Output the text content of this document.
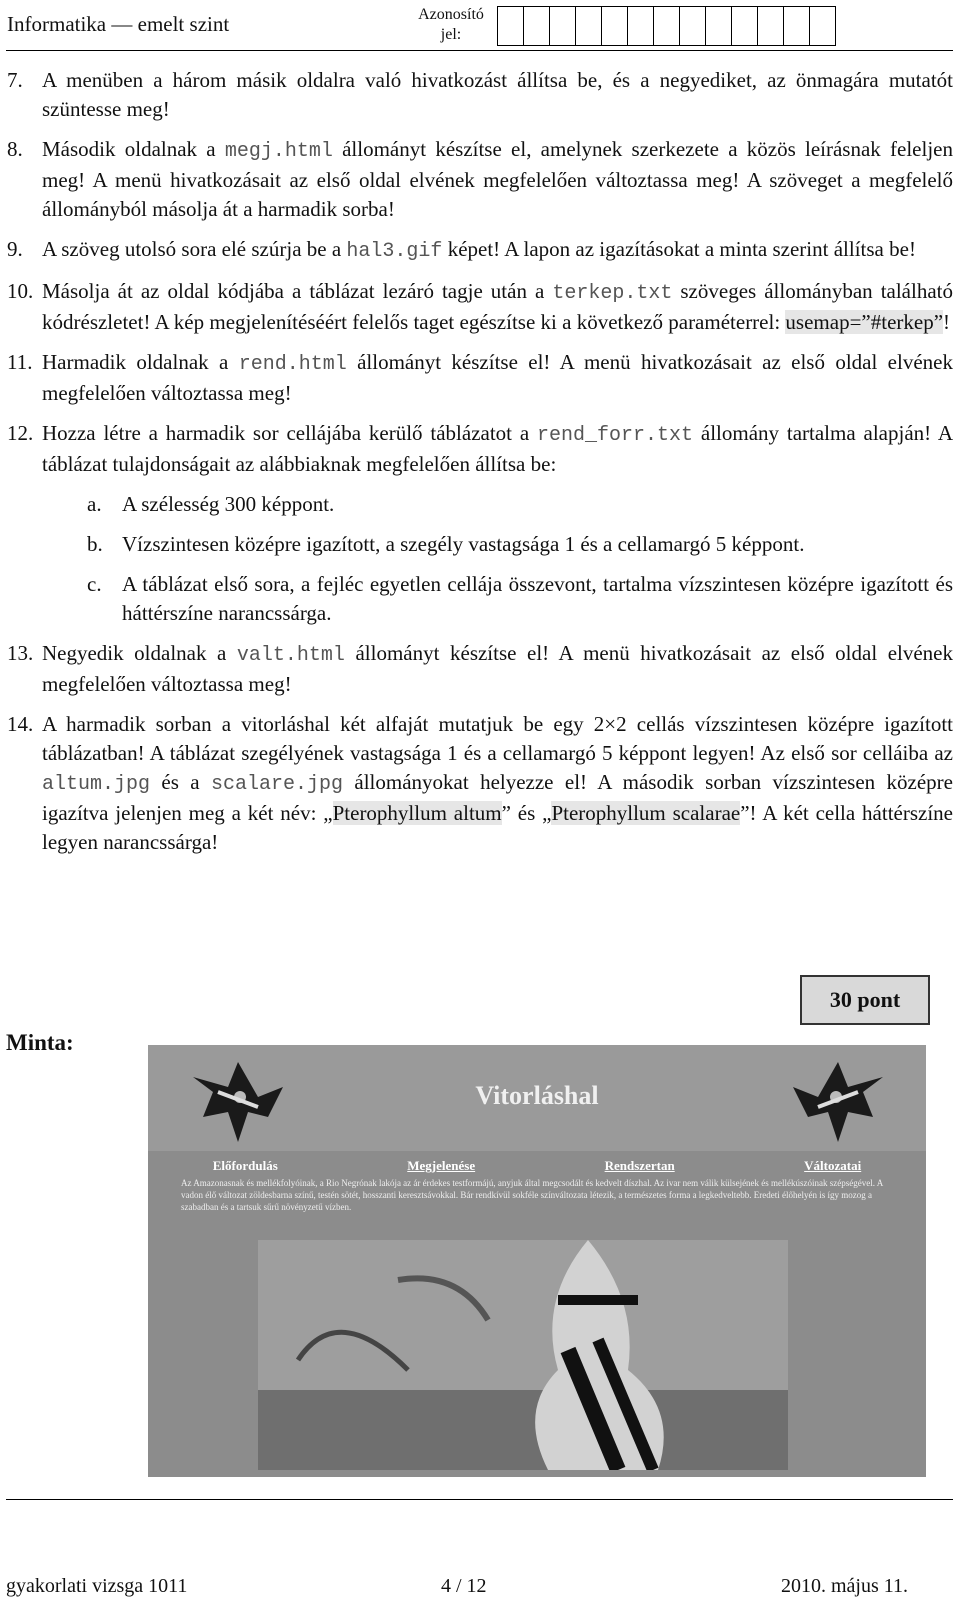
Informatika — emelt szint	Azonosító
jel:
7. A menüben a három másik oldalra való hivatkozást állítsa be, és a negyediket, az önmagára mutatót szüntesse meg!
8. Második oldalnak a megj.html állományt készítse el, amelynek szerkezete a közös leírásnak feleljen meg! A menü hivatkozásait az első oldal elvének megfelelően változtassa meg! A szöveget a megfelelő állományból másolja át a harmadik sorba!
9. A szöveg utolsó sora elé szúrja be a hal3.gif képet! A lapon az igazításokat a minta szerint állítsa be!
10. Másolja át az oldal kódjába a táblázat lezáró tagje után a terkep.txt szöveges állományban található kódrészletet! A kép megjelenítéséért felelős taget egészítse ki a következő paraméterrel: usemap=”#terkep”!
11. Harmadik oldalnak a rend.html állományt készítse el! A menü hivatkozásait az első oldal elvének megfelelően változtassa meg!
12. Hozza létre a harmadik sor cellájába kerülő táblázatot a rend_forr.txt állomány tartalma alapján! A táblázat tulajdonságait az alábbiaknak megfelelően állítsa be:
a. A szélesség 300 képpont.
b. Vízszintesen középre igazított, a szegély vastagsága 1 és a cellamargó 5 képpont.
c. A táblázat első sora, a fejléc egyetlen cellája összevont, tartalma vízszintesen középre igazított és háttérszíne narancssárga.
13. Negyedik oldalnak a valt.html állományt készítse el! A menü hivatkozásait az első oldal elvének megfelelően változtassa meg!
14. A harmadik sorban a vitorláshal két alfaját mutatjuk be egy 2×2 cellás vízszintesen középre igazított táblázatban! A táblázat szegélyének vastagsága 1 és a cellamargó 5 képpont legyen! Az első sor celláiba az altum.jpg és a scalare.jpg állományokat helyezze el! A második sorban vízszintesen középre igazítva jelenjen meg a két név: „Pterophyllum altum” és „Pterophyllum scalarae”! A két cella háttérszíne legyen narancssárga!
30 pont
Minta:
Vitorláshal
Előfordulás	Megjelenése	Rendszertan	Változatai
Az Amazonasnak és mellékfolyóinak, a Rio Negrónak lakója az ár érdekes testformájú, anyjuk által megcsodált és kedvelt díszhal. Az ivar nem válik külsejének és mellékúszóinak szépségével. A vadon élő változat zöldesbarna színű, testén sötét, hosszanti keresztsávokkal. Bár rendkívül sokféle színváltozata létezik, a természetes forma a legkedveltebb. Eredeti élőhelyén is így mozog a szabadban és a tartsuk sűrű növényzetű vízben.
gyakorlati vizsga 1011	4 / 12	2010. május 11.
